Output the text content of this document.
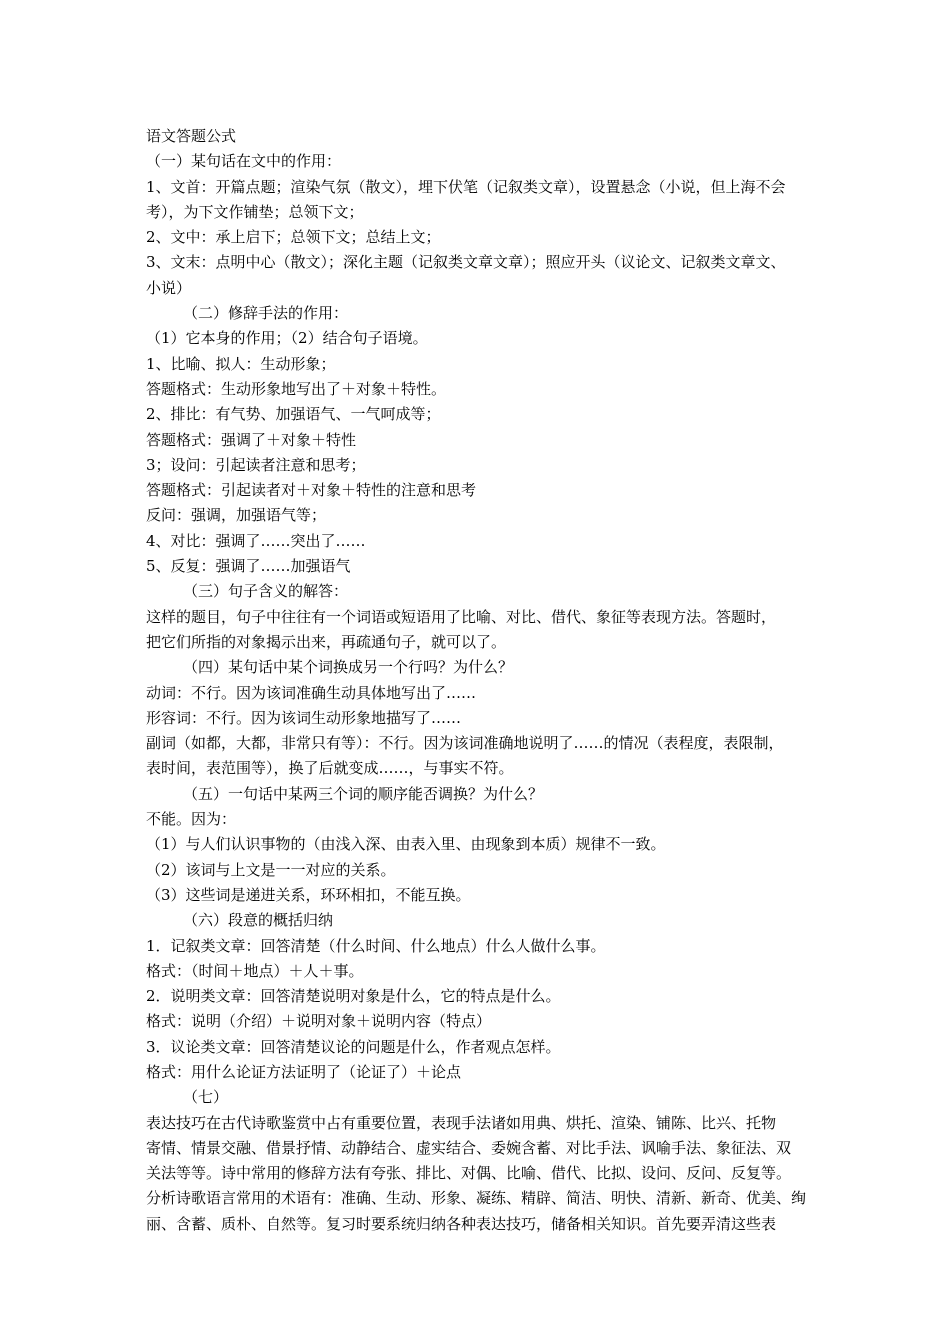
语文答题公式
（一）某句话在文中的作用：
1、文首：开篇点题；渲染气氛（散文），埋下伏笔（记叙类文章），设置悬念（小说，但上海不会
考），为下文作铺垫；总领下文；
2、文中：承上启下；总领下文；总结上文；
3、文末：点明中心（散文）；深化主题（记叙类文章文章）；照应开头（议论文、记叙类文章文、
小说）
（二）修辞手法的作用：
（1）它本身的作用；（2）结合句子语境。
1、比喻、拟人：生动形象；
答题格式：生动形象地写出了＋对象＋特性。
2、排比：有气势、加强语气、一气呵成等；
答题格式：强调了＋对象＋特性
3；设问：引起读者注意和思考；
答题格式：引起读者对＋对象＋特性的注意和思考
反问：强调，加强语气等；
4、对比：强调了……突出了……
5、反复：强调了……加强语气
（三）句子含义的解答：
这样的题目，句子中往往有一个词语或短语用了比喻、对比、借代、象征等表现方法。答题时，
把它们所指的对象揭示出来，再疏通句子，就可以了。
（四）某句话中某个词换成另一个行吗？为什么？
动词：不行。因为该词准确生动具体地写出了……
形容词：不行。因为该词生动形象地描写了……
副词（如都，大都，非常只有等）：不行。因为该词准确地说明了……的情况（表程度，表限制，
表时间，表范围等），换了后就变成……，与事实不符。
（五）一句话中某两三个词的顺序能否调换？为什么？
不能。因为：
（1）与人们认识事物的（由浅入深、由表入里、由现象到本质）规律不一致。
（2）该词与上文是一一对应的关系。
（3）这些词是递进关系，环环相扣，不能互换。
（六）段意的概括归纳
1．记叙类文章：回答清楚（什么时间、什么地点）什么人做什么事。
格式：（时间＋地点）＋人＋事。
2．说明类文章：回答清楚说明对象是什么，它的特点是什么。
格式：说明（介绍）＋说明对象＋说明内容（特点）
3．议论类文章：回答清楚议论的问题是什么，作者观点怎样。
格式：用什么论证方法证明了（论证了）＋论点
（七）
表达技巧在古代诗歌鉴赏中占有重要位置，表现手法诸如用典、烘托、渲染、铺陈、比兴、托物
寄情、情景交融、借景抒情、动静结合、虚实结合、委婉含蓄、对比手法、讽喻手法、象征法、双
关法等等。诗中常用的修辞方法有夸张、排比、对偶、比喻、借代、比拟、设问、反问、反复等。
分析诗歌语言常用的术语有：准确、生动、形象、凝练、精辟、简洁、明快、清新、新奇、优美、绚
丽、含蓄、质朴、自然等。复习时要系统归纳各种表达技巧，储备相关知识。首先要弄清这些表
